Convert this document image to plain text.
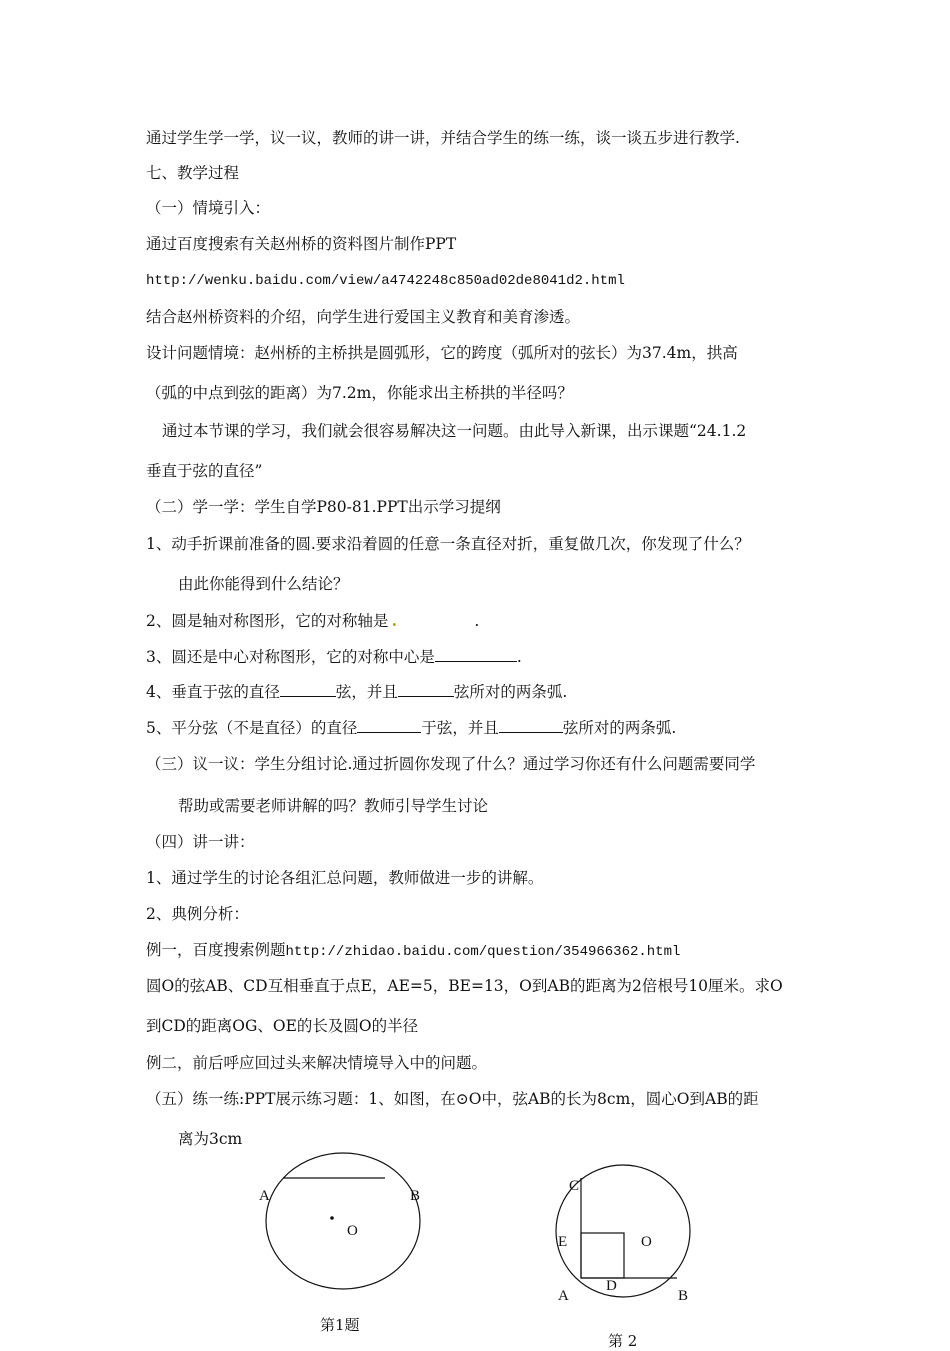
通过学生学一学，议一议，教师的讲一讲，并结合学生的练一练，谈一谈五步进行教学.
七、教学过程
（一）情境引入：
通过百度搜索有关赵州桥的资料图片制作PPT
http://wenku.baidu.com/view/a4742248c850ad02de8041d2.html
结合赵州桥资料的介绍，向学生进行爱国主义教育和美育渗透。
设计问题情境：赵州桥的主桥拱是圆弧形，它的跨度（弧所对的弦长）为37.4m，拱高
（弧的中点到弦的距离）为7.2m，你能求出主桥拱的半径吗？
通过本节课的学习，我们就会很容易解决这一问题。由此导入新课，出示课题“24.1.2
垂直于弦的直径”
（二）学一学：学生自学P80-81.PPT出示学习提纲
1、动手折课前准备的圆.要求沿着圆的任意一条直径对折，重复做几次，你发现了什么？
由此你能得到什么结论？
2、圆是轴对称图形，它的对称轴是 .	.
3、圆还是中心对称图形，它的对称中心是	.
4、垂直于弦的直径	弦，并且	弦所对的两条弧.
5、平分弦（不是直径）的直径	于弦，并且	弦所对的两条弧.
（三）议一议：学生分组讨论.通过折圆你发现了什么？通过学习你还有什么问题需要同学
帮助或需要老师讲解的吗？教师引导学生讨论
（四）讲一讲：
1、通过学生的讨论各组汇总问题，教师做进一步的讲解。
2、典例分析：
例一，百度搜索例题http://zhidao.baidu.com/question/354966362.html
圆O的弦AB、CD互相垂直于点E，AE=5，BE=13，O到AB的距离为2倍根号10厘米。求O
到CD的距离OG、OE的长及圆O的半径
例二，前后呼应回过头来解决情境导入中的问题。
（五）练一练:PPT展示练习题：1、如图，在⊙O中，弦AB的长为8cm，圆心O到AB的距
离为3cm
A	B
O
第1题
C
E	O
D
A	B
第 2
